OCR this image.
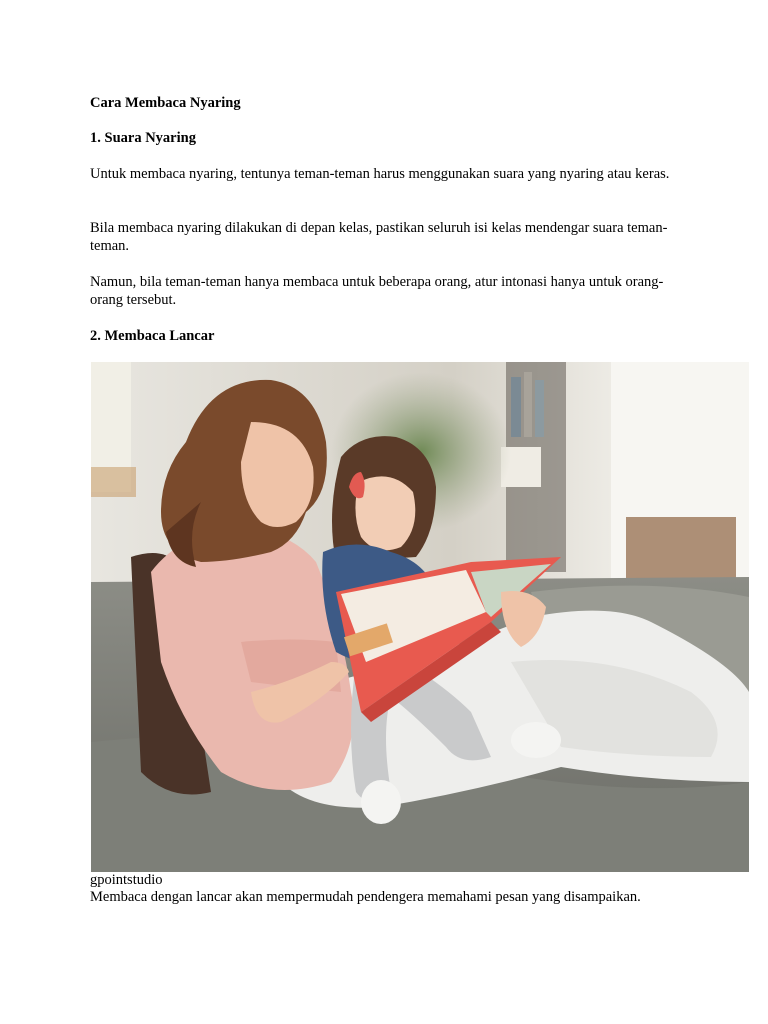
Cara Membaca Nyaring

1. Suara Nyaring

Untuk membaca nyaring, tentunya teman-teman harus menggunakan suara yang nyaring atau keras.

Bila membaca nyaring dilakukan di depan kelas, pastikan seluruh isi kelas mendengar suara teman-teman.

Namun, bila teman-teman hanya membaca untuk beberapa orang, atur intonasi hanya untuk orang-orang tersebut.

2. Membaca Lancar

gpointstudio
Membaca dengan lancar akan mempermudah pendengera memahami pesan yang disampaikan.
